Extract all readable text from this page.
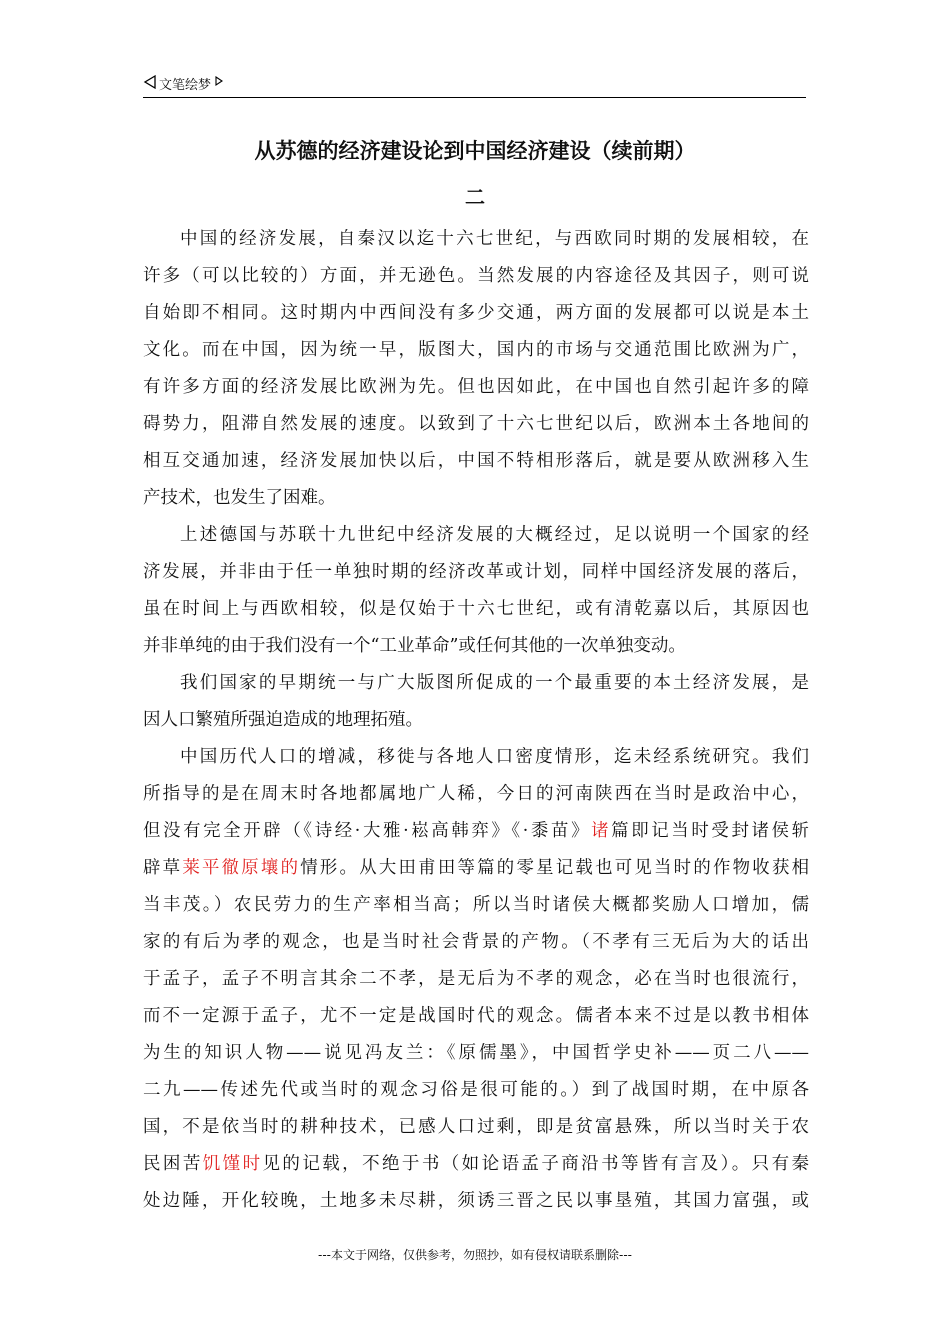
文笔绘梦
从苏德的经济建设论到中国经济建设（续前期）
二
中国的经济发展，自秦汉以迄十六七世纪，与西欧同时期的发展相较，在
许多（可以比较的）方面，并无逊色。当然发展的内容途径及其因子，则可说
自始即不相同。这时期内中西间没有多少交通，两方面的发展都可以说是本土
文化。而在中国，因为统一早，版图大，国内的市场与交通范围比欧洲为广，
有许多方面的经济发展比欧洲为先。但也因如此，在中国也自然引起许多的障
碍势力，阻滞自然发展的速度。以致到了十六七世纪以后，欧洲本土各地间的
相互交通加速，经济发展加快以后，中国不特相形落后，就是要从欧洲移入生
产技术，也发生了困难。
上述德国与苏联十九世纪中经济发展的大概经过，足以说明一个国家的经
济发展，并非由于任一单独时期的经济改革或计划，同样中国经济发展的落后，
虽在时间上与西欧相较，似是仅始于十六七世纪，或有清乾嘉以后，其原因也
并非单纯的由于我们没有一个“工业革命”或任何其他的一次单独变动。
我们国家的早期统一与广大版图所促成的一个最重要的本土经济发展，是
因人口繁殖所强迫造成的地理拓殖。
中国历代人口的增减，移徙与各地人口密度情形，迄未经系统研究。我们
所指导的是在周末时各地都属地广人稀，今日的河南陕西在当时是政治中心，
但没有完全开辟（《诗经·大雅·崧高韩弈》《·黍苗》诸篇即记当时受封诸侯斩
辟草莱平徹原壤的情形。从大田甫田等篇的零星记载也可见当时的作物收获相
当丰茂。）农民劳力的生产率相当高；所以当时诸侯大概都奖励人口增加，儒
家的有后为孝的观念，也是当时社会背景的产物。（不孝有三无后为大的话出
于孟子，孟子不明言其余二不孝，是无后为不孝的观念，必在当时也很流行，
而不一定源于孟子，尤不一定是战国时代的观念。儒者本来不过是以教书相体
为生的知识人物——说见冯友兰：《原儒墨》，中国哲学史补——页二八——
二九——传述先代或当时的观念习俗是很可能的。）到了战国时期，在中原各
国，不是依当时的耕种技术，已感人口过剩，即是贫富悬殊，所以当时关于农
民困苦饥馑时见的记载，不绝于书（如论语孟子商沿书等皆有言及）。只有秦
处边陲，开化较晚，土地多未尽耕，须诱三晋之民以事垦殖，其国力富强，或
---本文于网络，仅供参考，勿照抄，如有侵权请联系删除---
